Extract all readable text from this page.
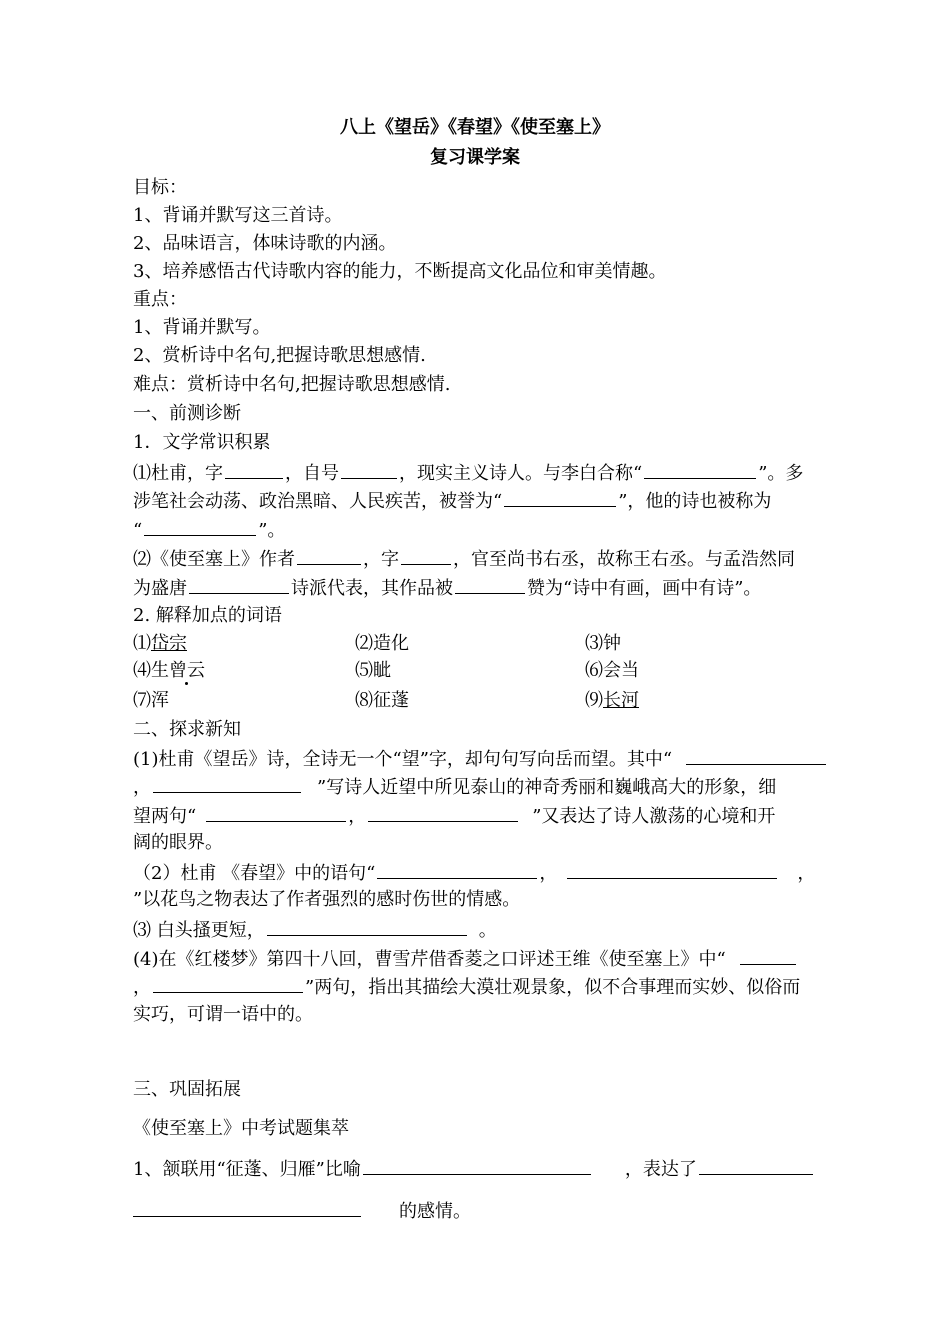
八上《望岳》《春望》《使至塞上》
复习课学案
目标：
1、背诵并默写这三首诗。
2、品味语言，体味诗歌的内涵。
3、培养感悟古代诗歌内容的能力，不断提高文化品位和审美情趣。
重点：
1、背诵并默写。
2、赏析诗中名句,把握诗歌思想感情.
难点：赏析诗中名句,把握诗歌思想感情.
一、前测诊断
1．文学常识积累
⑴杜甫，字	，自号	，现实主义诗人。与李白合称“	”。多
涉笔社会动荡、政治黑暗、人民疾苦，被誉为“	”，他的诗也被称为
“	”。
⑵《使至塞上》作者	，字	，官至尚书右丞，故称王右丞。与孟浩然同
为盛唐	诗派代表，其作品被	赞为“诗中有画，画中有诗”。
2. 解释加点的词语
⑴岱宗	⑵造化	⑶钟
⑷生曾云	⑸眦	⑹会当
⑺浑	⑻征蓬	⑼长河
二、探求新知
(1)杜甫《望岳》诗，全诗无一个“望”字，却句句写向岳而望。其中“
，	”写诗人近望中所见泰山的神奇秀丽和巍峨高大的形象，细
望两句“	，	”又表达了诗人激荡的心境和开
阔的眼界。
（2）杜甫 《春望》中的语句“	，	，
”以花鸟之物表达了作者强烈的感时伤世的情感。
⑶ 白头搔更短，	。
(4)在《红楼梦》第四十八回，曹雪芹借香菱之口评述王维《使至塞上》中“
，	”两句，指出其描绘大漠壮观景象，似不合事理而实妙、似俗而
实巧，可谓一语中的。
三、巩固拓展
《使至塞上》中考试题集萃
1、颔联用“征蓬、归雁”比喻	，表达了
的感情。
